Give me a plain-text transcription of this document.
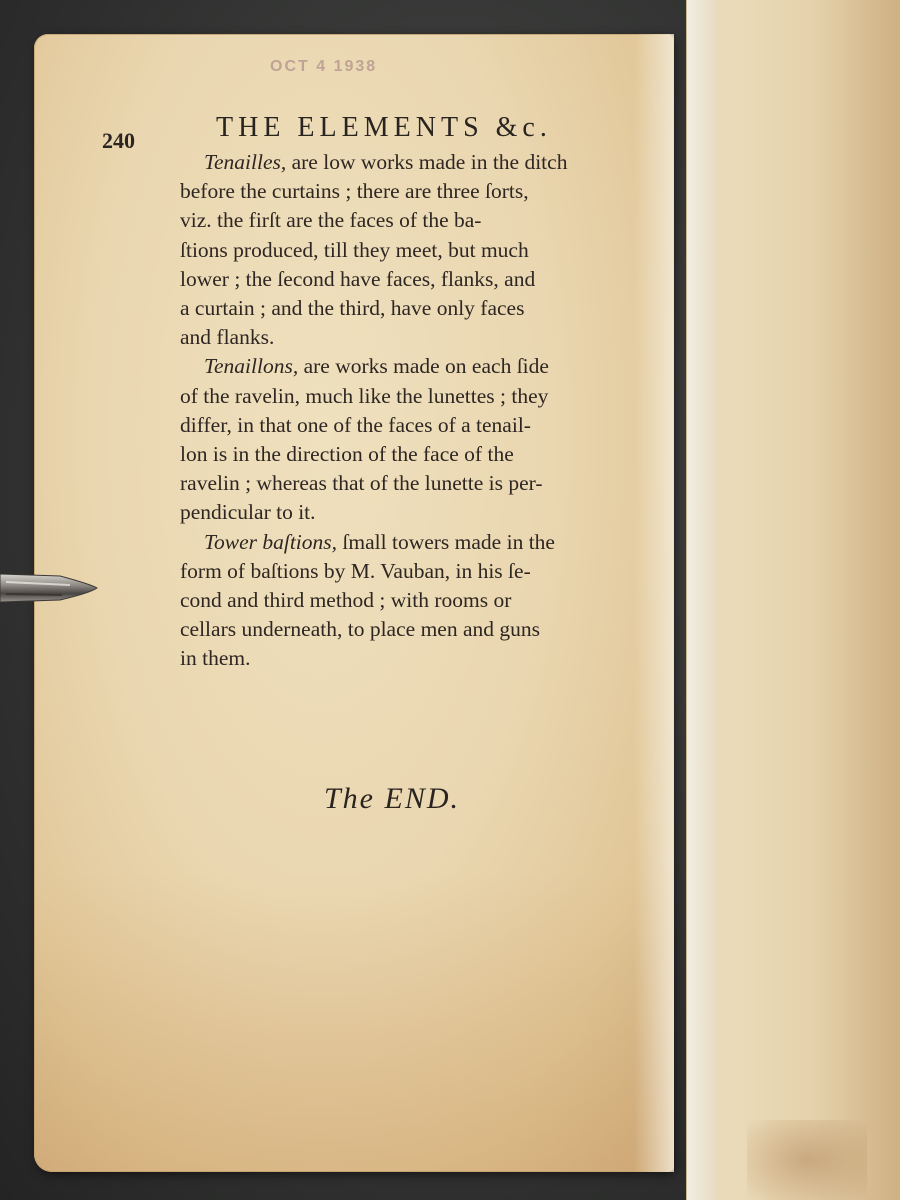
OCT 4 1938
240	THE ELEMENTS &c.

Tenailles, are low works made in the ditch
before the curtains ; there are three ſorts,
viz. the firſt are the faces of the ba-
ſtions produced, till they meet, but much
lower ; the ſecond have faces, flanks, and
a curtain ; and the third, have only faces
and flanks.

Tenaillons, are works made on each ſide
of the ravelin, much like the lunettes ; they
differ, in that one of the faces of a tenail-
lon is in the direction of the face of the
ravelin ; whereas that of the lunette is per-
pendicular to it.

Tower baſtions, ſmall towers made in the
form of baſtions by M. Vauban, in his ſe-
cond and third method ; with rooms or
cellars underneath, to place men and guns
in them.

The END.
